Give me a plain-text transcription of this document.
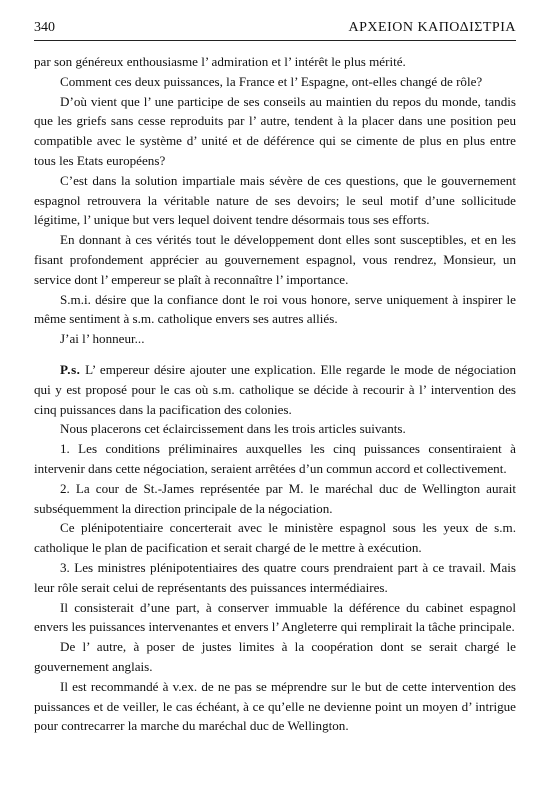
340	ΑΡΧΕΙΟΝ ΚΑΠΟΔΙΣΤΡΙΑ

par son généreux enthousiasme l’ admiration et l’ intérêt le plus mérité.

Comment ces deux puissances, la France et l’ Espagne, ont-elles changé de rôle?

D’où vient que l’ une participe de ses conseils au maintien du repos du monde, tandis que les griefs sans cesse reproduits par l’ autre, tendent à la placer dans une position peu compatible avec le système d’ unité et de déférence qui se cimente de plus en plus entre tous les Etats européens?

C’est dans la solution impartiale mais sévère de ces questions, que le gouvernement espagnol retrouvera la véritable nature de ses devoirs; le seul motif d’une sollicitude légitime, l’ unique but vers lequel doivent tendre désormais tous ses efforts.

En donnant à ces vérités tout le développement dont elles sont susceptibles, et en les fisant profondement apprécier au gouvernement espagnol, vous rendrez, Monsieur, un service dont l’ empereur se plaît à reconnaître l’ importance.

S.m.i. désire que la confiance dont le roi vous honore, serve uniquement à inspirer le même sentiment à s.m. catholique envers ses autres alliés.

J’ai l’ honneur...

P.s. L’ empereur désire ajouter une explication. Elle regarde le mode de négociation qui y est proposé pour le cas où s.m. catholique se décide à recourir à l’ intervention des cinq puissances dans la pacification des colonies.

Nous placerons cet éclaircissement dans les trois articles suivants.

1. Les conditions préliminaires auxquelles les cinq puissances consentiraient à intervenir dans cette négociation, seraient arrêtées d’un commun accord et collectivement.

2. La cour de St.-James représentée par M. le maréchal duc de Wellington aurait subséquemment la direction principale de la négociation.

Ce plénipotentiaire concerterait avec le ministère espagnol sous les yeux de s.m. catholique le plan de pacification et serait chargé de le mettre à exécution.

3. Les ministres plénipotentiaires des quatre cours prendraient part à ce travail. Mais leur rôle serait celui de représentants des puissances intermédiaires.

Il consisterait d’une part, à conserver immuable la déférence du cabinet espagnol envers les puissances intervenantes et envers l’ Angleterre qui remplirait la tâche principale.

De l’ autre, à poser de justes limites à la coopération dont se serait chargé le gouvernement anglais.

Il est recommandé à v.ex. de ne pas se méprendre sur le but de cette intervention des puissances et de veiller, le cas échéant, à ce qu’elle ne devienne point un moyen d’ intrigue pour contrecarrer la marche du maréchal duc de Wellington.
